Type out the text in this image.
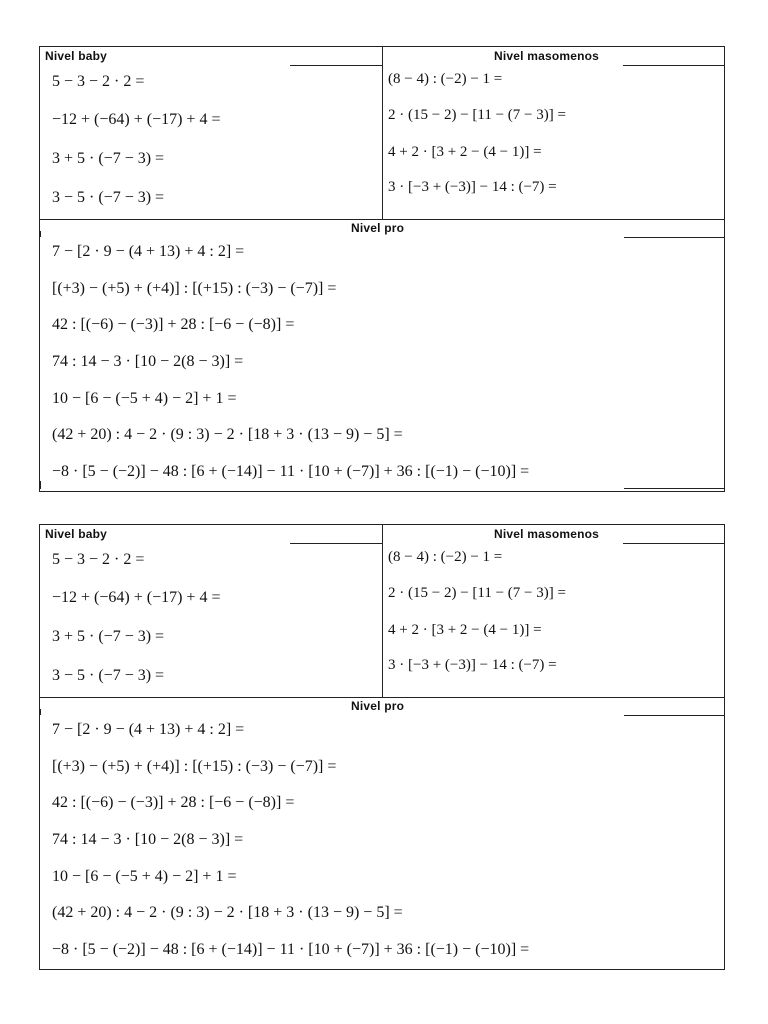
Nivel baby
5 − 3 − 2 · 2 =
−12 + (−64) + (−17) + 4 =
3 + 5 · (−7 − 3) =
3 − 5 · (−7 − 3) =
Nivel masomenos
(8 − 4) : (−2) − 1 =
2 · (15 − 2) − [11 − (7 − 3)] =
4 + 2 · [3 + 2 − (4 − 1)] =
3 · [−3 + (−3)] − 14 : (−7) =
Nivel pro
7 − [2 · 9 − (4 + 13) + 4 : 2] =
[(+3) − (+5) + (+4)] : [(+15) : (−3) − (−7)] =
42 : [(−6) − (−3)] + 28 : [−6 − (−8)] =
74 : 14 − 3 · [10 − 2(8 − 3)] =
10 − [6 − (−5 + 4) − 2] + 1 =
(42 + 20) : 4 − 2 · (9 : 3) − 2 · [18 + 3 · (13 − 9) − 5] =
−8 · [5 − (−2)] − 48 : [6 + (−14)] − 11 · [10 + (−7)] + 36 : [(−1) − (−10)] =
Nivel baby
5 − 3 − 2 · 2 =
−12 + (−64) + (−17) + 4 =
3 + 5 · (−7 − 3) =
3 − 5 · (−7 − 3) =
Nivel masomenos
(8 − 4) : (−2) − 1 =
2 · (15 − 2) − [11 − (7 − 3)] =
4 + 2 · [3 + 2 − (4 − 1)] =
3 · [−3 + (−3)] − 14 : (−7) =
Nivel pro
7 − [2 · 9 − (4 + 13) + 4 : 2] =
[(+3) − (+5) + (+4)] : [(+15) : (−3) − (−7)] =
42 : [(−6) − (−3)] + 28 : [−6 − (−8)] =
74 : 14 − 3 · [10 − 2(8 − 3)] =
10 − [6 − (−5 + 4) − 2] + 1 =
(42 + 20) : 4 − 2 · (9 : 3) − 2 · [18 + 3 · (13 − 9) − 5] =
−8 · [5 − (−2)] − 48 : [6 + (−14)] − 11 · [10 + (−7)] + 36 : [(−1) − (−10)] =
